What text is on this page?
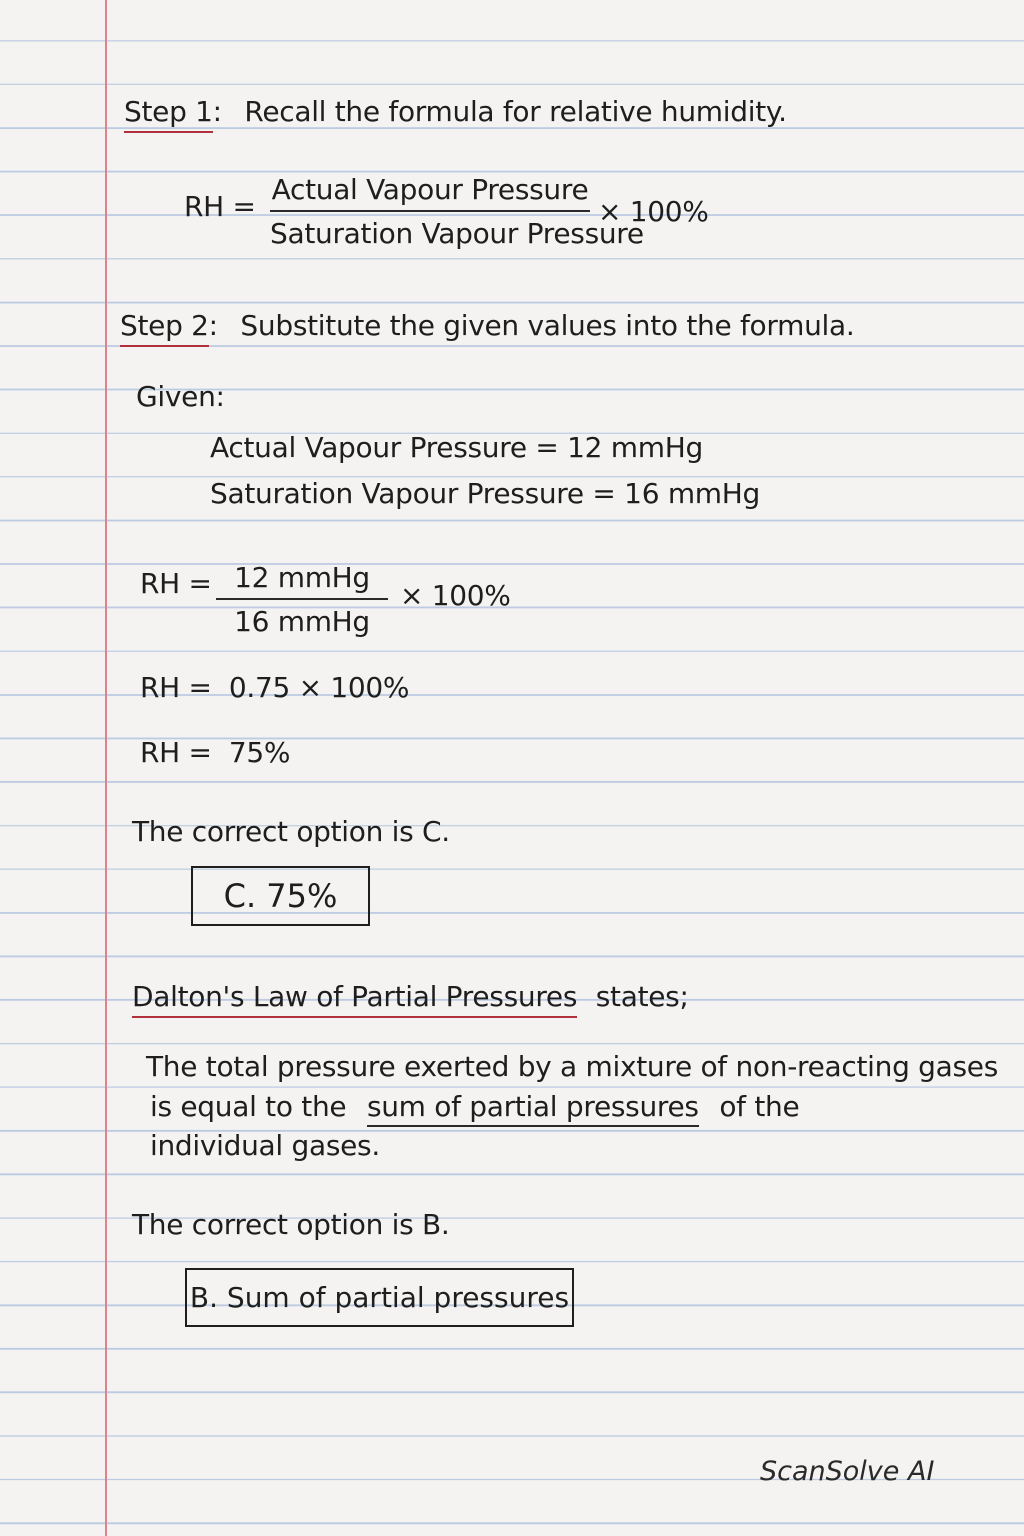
Step 1: Recall the formula for relative humidity.
RH =
Actual Vapour Pressure
Saturation Vapour Pressure
× 100%
Step 2: Substitute the given values into the formula.
Given:
Actual Vapour Pressure = 12 mmHg
Saturation Vapour Pressure = 16 mmHg
RH = 12 mmHg
16 mmHg
× 100%
RH =  0.75 × 100%
RH =  75%
The correct option is C.
C. 75%
Dalton's Law of Partial Pressures states;
The total pressure exerted by a mixture of non-reacting gases
is equal to the sum of partial pressures of the
individual gases.
The correct option is B.
B. Sum of partial pressures
ScanSolve AI
